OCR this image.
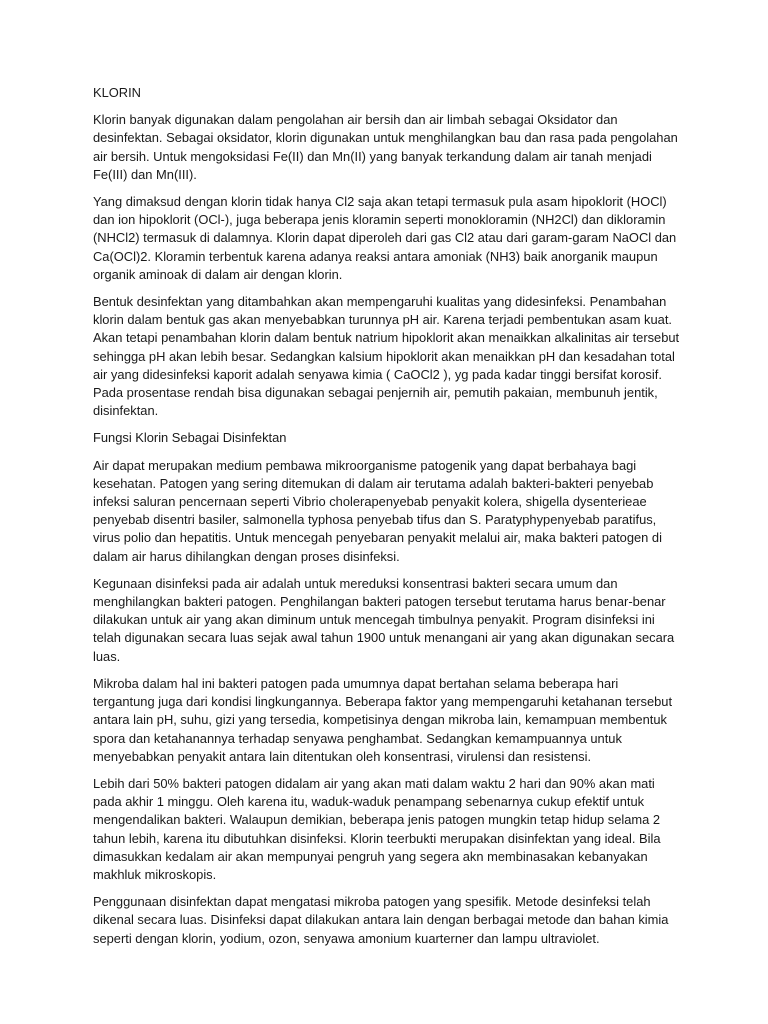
KLORIN

Klorin banyak digunakan dalam pengolahan air bersih dan air limbah sebagai Oksidator dan desinfektan. Sebagai oksidator, klorin digunakan untuk menghilangkan bau dan rasa pada pengolahan air bersih. Untuk mengoksidasi Fe(II) dan Mn(II) yang banyak terkandung dalam air tanah menjadi Fe(III) dan Mn(III).

Yang dimaksud dengan klorin tidak hanya Cl2 saja akan tetapi termasuk pula asam hipoklorit (HOCl) dan ion hipoklorit (OCl-), juga beberapa jenis kloramin seperti monokloramin (NH2Cl) dan dikloramin (NHCl2) termasuk di dalamnya. Klorin dapat diperoleh dari gas Cl2 atau dari garam-garam NaOCl dan Ca(OCl)2. Kloramin terbentuk karena adanya reaksi antara amoniak (NH3) baik anorganik maupun organik aminoak di dalam air dengan klorin.

Bentuk desinfektan yang ditambahkan akan mempengaruhi kualitas yang didesinfeksi. Penambahan klorin dalam bentuk gas akan menyebabkan turunnya pH air. Karena terjadi pembentukan asam kuat. Akan tetapi penambahan klorin dalam bentuk natrium hipoklorit akan menaikkan alkalinitas air tersebut sehingga pH akan lebih besar. Sedangkan kalsium hipoklorit akan menaikkan pH dan kesadahan total air yang didesinfeksi kaporit adalah senyawa kimia ( CaOCl2 ), yg pada kadar tinggi bersifat korosif. Pada prosentase rendah bisa digunakan sebagai penjernih air, pemutih pakaian, membunuh jentik, disinfektan.

Fungsi Klorin Sebagai Disinfektan

Air dapat merupakan medium pembawa mikroorganisme patogenik yang dapat berbahaya bagi kesehatan. Patogen yang sering ditemukan di dalam air terutama adalah bakteri-bakteri penyebab infeksi saluran pencernaan seperti Vibrio cholerapenyebab penyakit kolera, shigella dysenterieae penyebab disentri basiler, salmonella typhosa penyebab tifus dan S. Paratyphypenyebab paratifus, virus polio dan hepatitis. Untuk mencegah penyebaran penyakit melalui air, maka bakteri patogen di dalam air harus dihilangkan dengan proses disinfeksi.

Kegunaan disinfeksi pada air adalah untuk mereduksi konsentrasi bakteri secara umum dan menghilangkan bakteri patogen. Penghilangan bakteri patogen tersebut terutama harus benar-benar dilakukan untuk air yang akan diminum untuk mencegah timbulnya penyakit. Program disinfeksi ini telah digunakan secara luas sejak awal tahun 1900 untuk menangani air yang akan digunakan secara luas.

Mikroba dalam hal ini bakteri patogen pada umumnya dapat bertahan selama beberapa hari tergantung juga dari kondisi lingkungannya. Beberapa faktor yang mempengaruhi ketahanan tersebut antara lain pH, suhu, gizi yang tersedia, kompetisinya dengan mikroba lain, kemampuan membentuk spora dan ketahanannya terhadap senyawa penghambat. Sedangkan kemampuannya untuk menyebabkan penyakit antara lain ditentukan oleh konsentrasi, virulensi dan resistensi.

Lebih dari 50% bakteri patogen didalam air yang akan mati dalam waktu 2 hari dan 90% akan mati pada akhir 1 minggu. Oleh karena itu, waduk-waduk penampang sebenarnya cukup efektif untuk mengendalikan bakteri. Walaupun demikian, beberapa jenis patogen mungkin tetap hidup selama 2 tahun lebih, karena itu dibutuhkan disinfeksi. Klorin teerbukti merupakan disinfektan yang ideal. Bila dimasukkan kedalam air akan mempunyai pengruh yang segera akn membinasakan kebanyakan makhluk mikroskopis.

Penggunaan disinfektan dapat mengatasi mikroba patogen yang spesifik. Metode desinfeksi telah dikenal secara luas. Disinfeksi dapat dilakukan antara lain dengan berbagai metode dan bahan kimia seperti dengan klorin, yodium, ozon, senyawa amonium kuarterner dan lampu ultraviolet.
